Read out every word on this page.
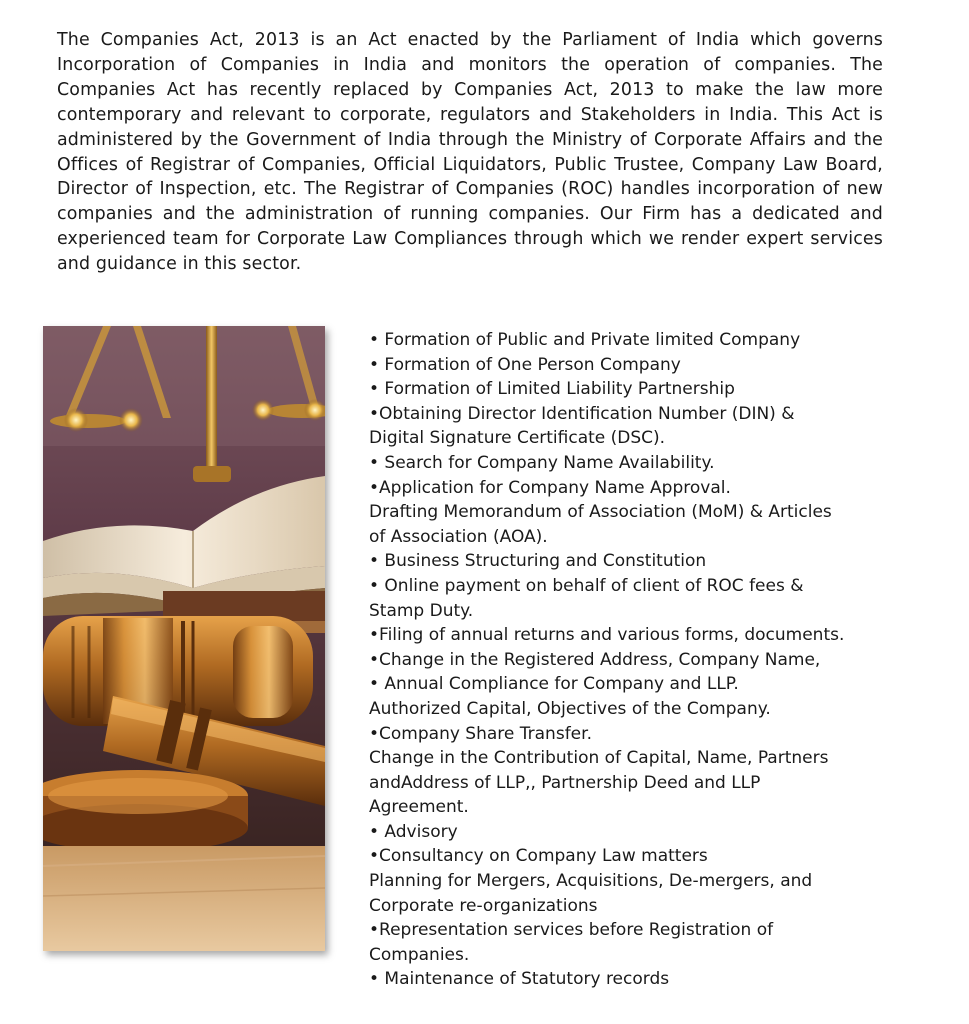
The Companies Act, 2013 is an Act enacted by the Parliament of India which governs
Incorporation of Companies in India and monitors the operation of companies. The
Companies Act has recently replaced by Companies Act, 2013 to make the law more
contemporary and relevant to corporate, regulators and Stakeholders in India. This Act is
administered by the Government of India through the Ministry of Corporate Affairs and the
Offices of Registrar of Companies, Official Liquidators, Public Trustee, Company Law Board,
Director of Inspection, etc. The Registrar of Companies (ROC) handles incorporation of new
companies and the administration of running companies. Our Firm has a dedicated and
experienced team for Corporate Law Compliances through which we render expert services
and guidance in this sector.
• Formation of Public and Private limited Company
• Formation of One Person Company
• Formation of Limited Liability Partnership
•Obtaining Director Identification Number (DIN) &
Digital Signature Certificate (DSC).
• Search for Company Name Availability.
•Application for Company Name Approval.
Drafting Memorandum of Association (MoM) & Articles
of Association (AOA).
• Business Structuring and Constitution
• Online payment on behalf of client of ROC fees &
Stamp Duty.
•Filing of annual returns and various forms, documents.
•Change in the Registered Address, Company Name,
• Annual Compliance for Company and LLP.
Authorized Capital, Objectives of the Company.
•Company Share Transfer.
Change in the Contribution of Capital, Name, Partners
andAddress of LLP,, Partnership Deed and LLP
Agreement.
• Advisory
•Consultancy on Company Law matters
Planning for Mergers, Acquisitions, De-mergers, and
Corporate re-organizations
•Representation services before Registration of
Companies.
• Maintenance of Statutory records
